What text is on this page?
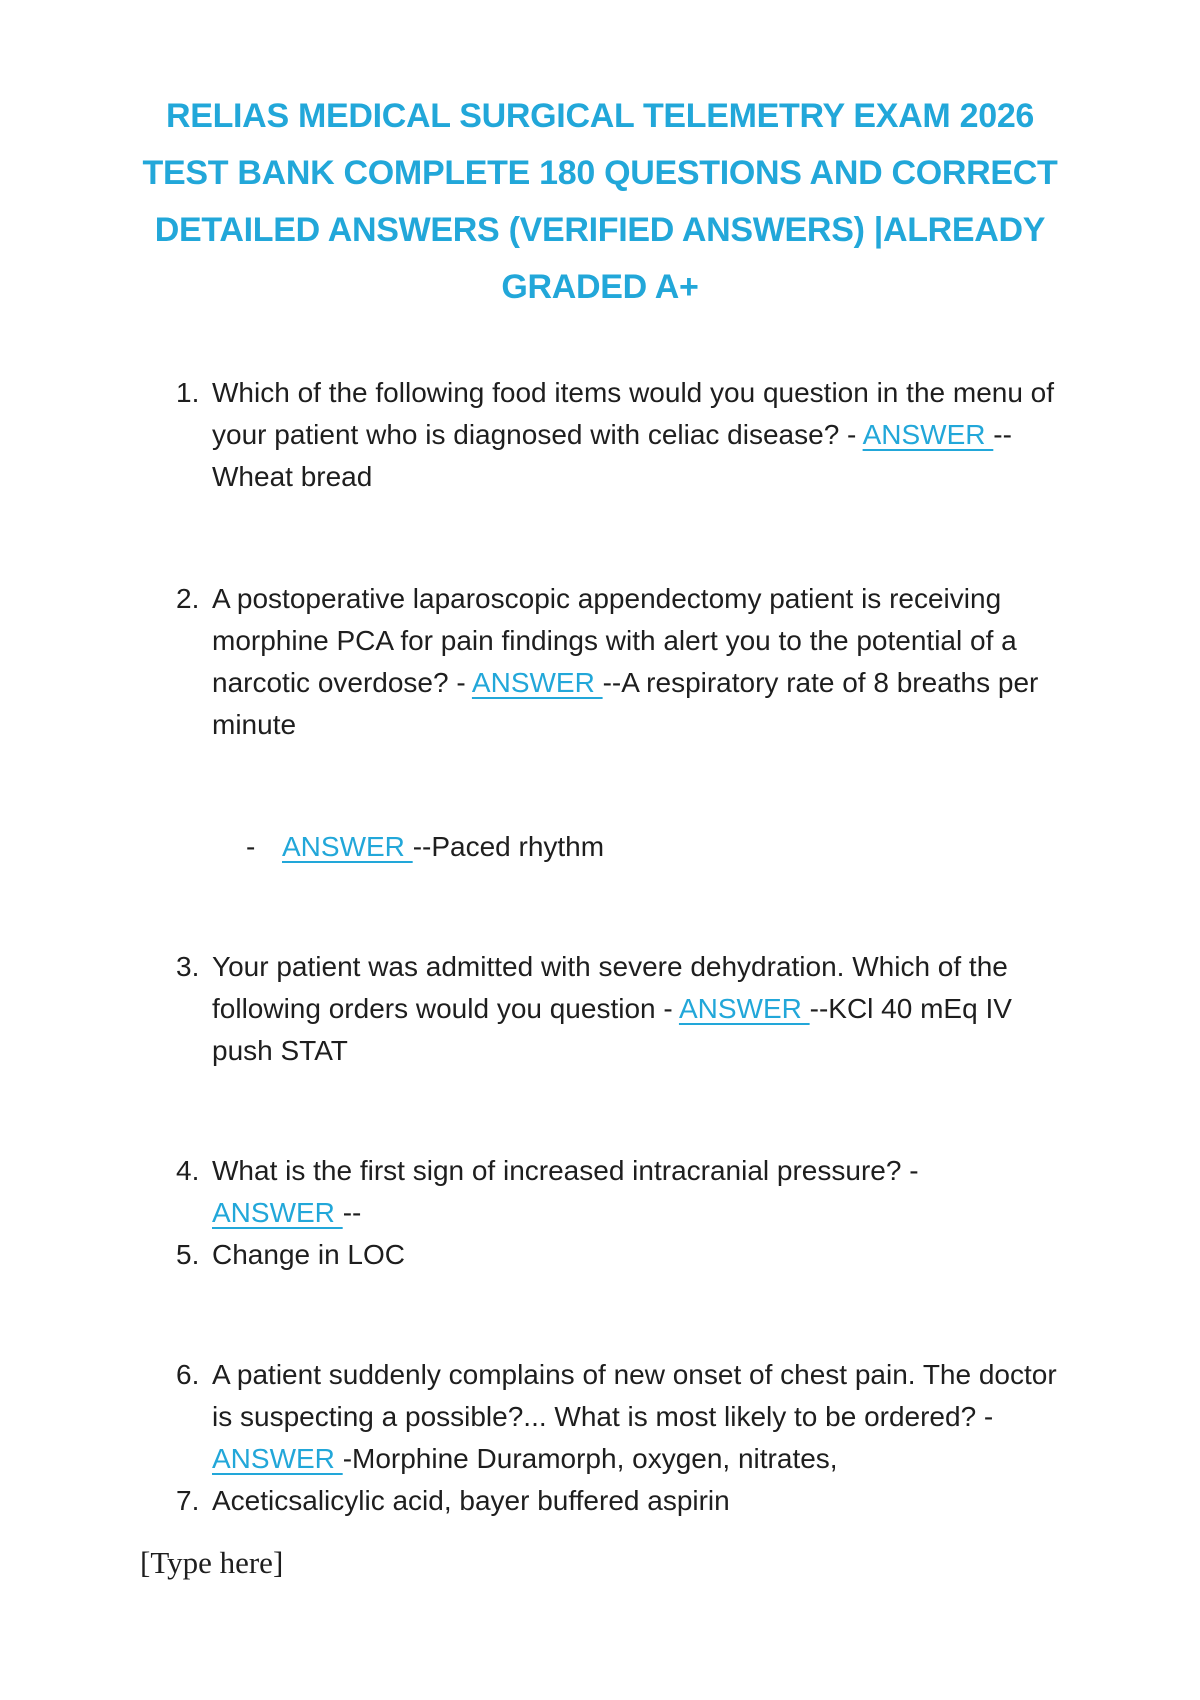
RELIAS MEDICAL SURGICAL TELEMETRY EXAM 2026
TEST BANK COMPLETE 180 QUESTIONS AND CORRECT
DETAILED ANSWERS (VERIFIED ANSWERS) |ALREADY
GRADED A+
1. Which of the following food items would you question in the menu of your patient who is diagnosed with celiac disease? - ANSWER --Wheat bread
2. A postoperative laparoscopic appendectomy patient is receiving morphine PCA for pain findings with alert you to the potential of a narcotic overdose? - ANSWER --A respiratory rate of 8 breaths per minute
- ANSWER --Paced rhythm
3. Your patient was admitted with severe dehydration. Which of the following orders would you question - ANSWER --KCl 40 mEq IV push STAT
4. What is the first sign of increased intracranial pressure? -
ANSWER --
5. Change in LOC
6. A patient suddenly complains of new onset of chest pain. The doctor is suspecting a possible?... What is most likely to be ordered? - ANSWER -Morphine Duramorph, oxygen, nitrates,
7. Aceticsalicylic acid, bayer buffered aspirin
[Type here]
